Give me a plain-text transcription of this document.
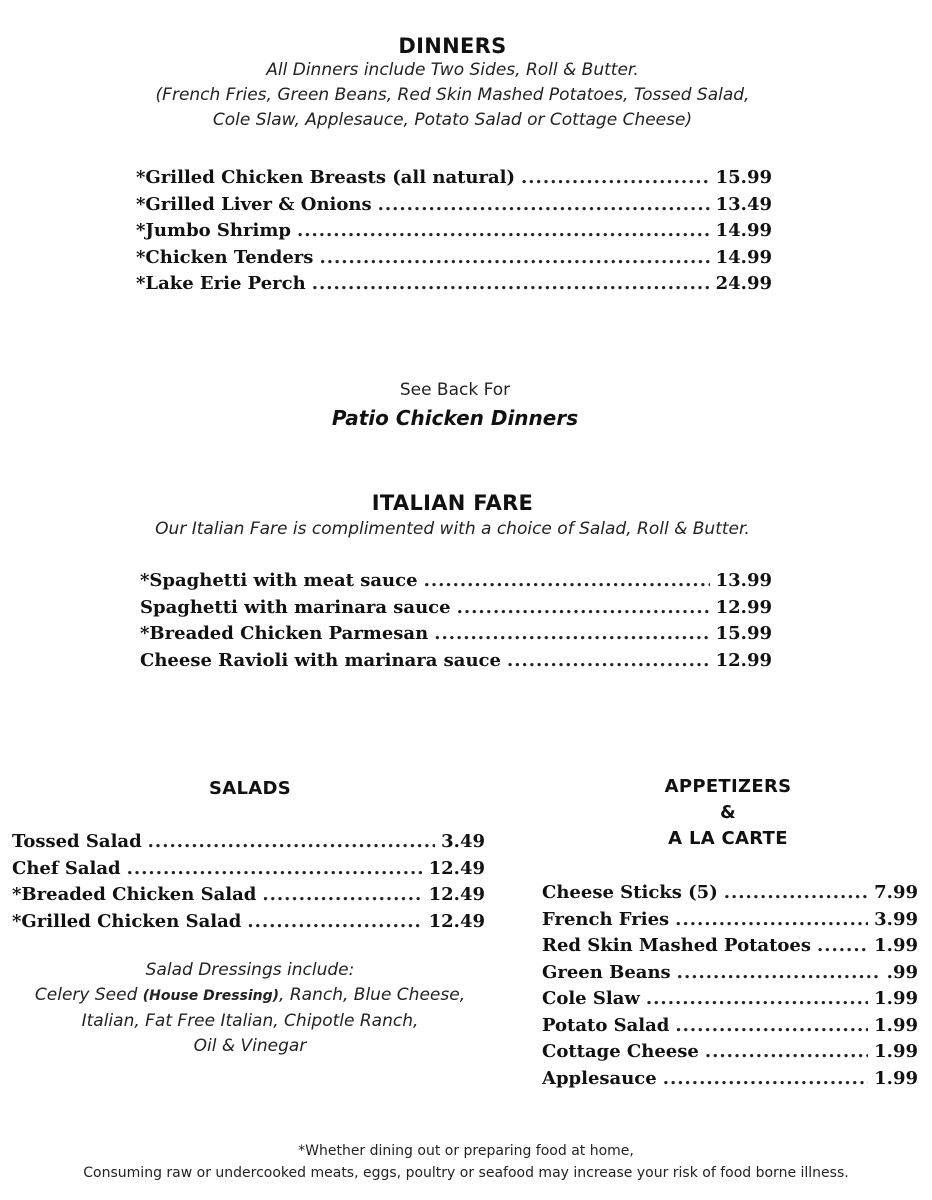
DINNERS
All Dinners include Two Sides, Roll & Butter.
(French Fries, Green Beans, Red Skin Mashed Potatoes, Tossed Salad,
Cole Slaw, Applesauce, Potato Salad or Cottage Cheese)
*Grilled Chicken Breasts (all natural) .....	15.99
*Grilled Liver & Onions .....	13.49
*Jumbo Shrimp .....	14.99
*Chicken Tenders .....	14.99
*Lake Erie Perch .....	24.99
See Back For
Patio Chicken Dinners
ITALIAN FARE
Our Italian Fare is complimented with a choice of Salad, Roll & Butter.
*Spaghetti with meat sauce .....	13.99
Spaghetti with marinara sauce .....	12.99
*Breaded Chicken Parmesan .....	15.99
Cheese Ravioli with marinara sauce .....	12.99
SALADS
Tossed Salad .....	3.49
Chef Salad .....	12.49
*Breaded Chicken Salad .....	12.49
*Grilled Chicken Salad .....	12.49
Salad Dressings include:
Celery Seed (House Dressing), Ranch, Blue Cheese,
Italian, Fat Free Italian, Chipotle Ranch,
Oil & Vinegar
APPETIZERS
&
A LA CARTE
Cheese Sticks (5) .....	7.99
French Fries .....	3.99
Red Skin Mashed Potatoes .....	1.99
Green Beans .....	.99
Cole Slaw .....	1.99
Potato Salad .....	1.99
Cottage Cheese .....	1.99
Applesauce .....	1.99
*Whether dining out or preparing food at home,
Consuming raw or undercooked meats, eggs, poultry or seafood may increase your risk of food borne illness.
